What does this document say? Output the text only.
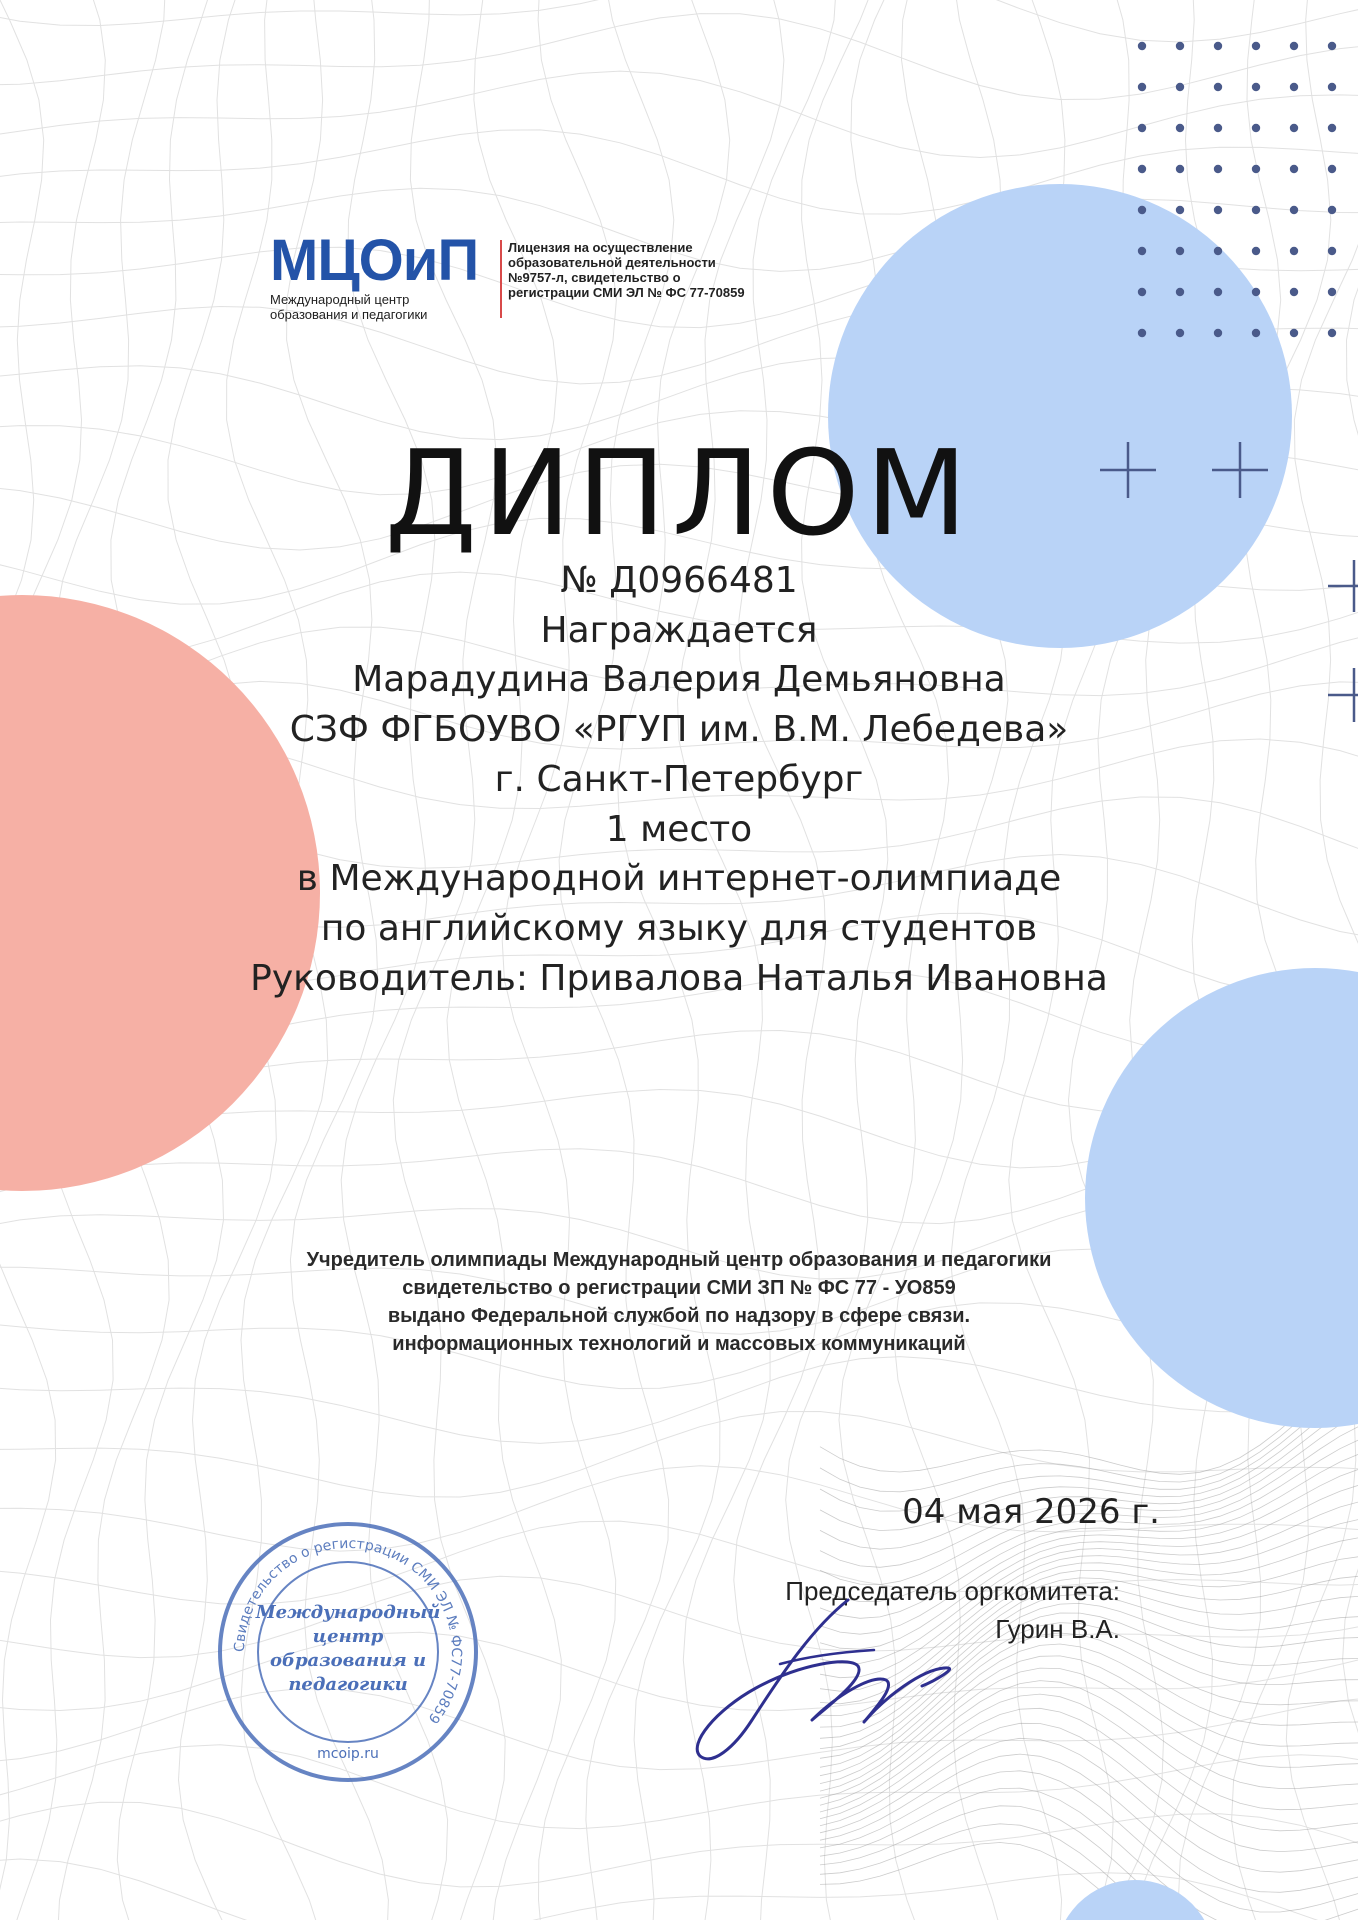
МЦОиП
Международный центр образования и педагогики
Лицензия на осуществление образовательной деятельности №9757-л, свидетельство о регистрации СМИ ЭЛ № ФС 77-70859
ДИПЛОМ
№ Д0966481
Награждается
Марадудина Валерия Демьяновна
СЗФ ФГБОУВО «РГУП им. В.М. Лебедева»
г. Санкт-Петербург
1 место
в Международной интернет-олимпиаде
по английскому языку для студентов
Руководитель: Привалова Наталья Ивановна
Учредитель олимпиады Международный центр образования и педагогики
свидетельство о регистрации СМИ ЗП № ФС 77 - УО859
выдано Федеральной службой по надзору в сфере связи.
информационных технологий и массовых коммуникаций
04 мая 2026 г.
Председатель оргкомитета:
Гурин В.А.
Свидетельство о регистрации СМИ ЭЛ № ФС77-70859
Международный
центр
образования и
педагогики
mcoip.ru
